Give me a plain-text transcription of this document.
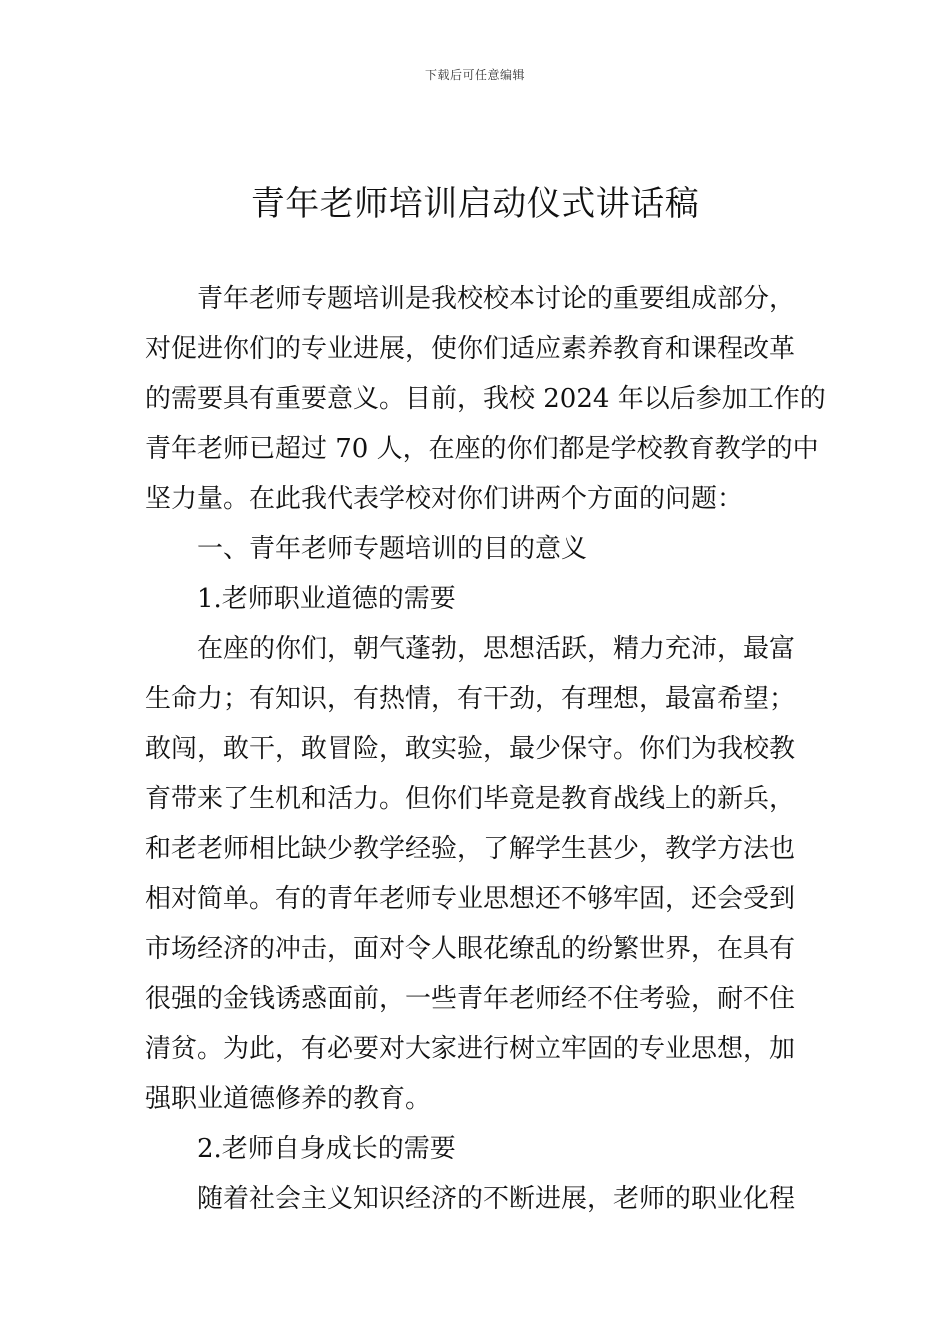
下载后可任意编辑
青年老师培训启动仪式讲话稿
青年老师专题培训是我校校本讨论的重要组成部分，
对促进你们的专业进展，使你们适应素养教育和课程改革
的需要具有重要意义。目前，我校 2024 年以后参加工作的
青年老师已超过 70 人，在座的你们都是学校教育教学的中
坚力量。在此我代表学校对你们讲两个方面的问题：
一、青年老师专题培训的目的意义
1.老师职业道德的需要
在座的你们，朝气蓬勃，思想活跃，精力充沛，最富
生命力；有知识，有热情，有干劲，有理想，最富希望；
敢闯，敢干，敢冒险，敢实验，最少保守。你们为我校教
育带来了生机和活力。但你们毕竟是教育战线上的新兵，
和老老师相比缺少教学经验，了解学生甚少，教学方法也
相对简单。有的青年老师专业思想还不够牢固，还会受到
市场经济的冲击，面对令人眼花缭乱的纷繁世界，在具有
很强的金钱诱惑面前，一些青年老师经不住考验，耐不住
清贫。为此，有必要对大家进行树立牢固的专业思想，加
强职业道德修养的教育。
2.老师自身成长的需要
随着社会主义知识经济的不断进展，老师的职业化程
